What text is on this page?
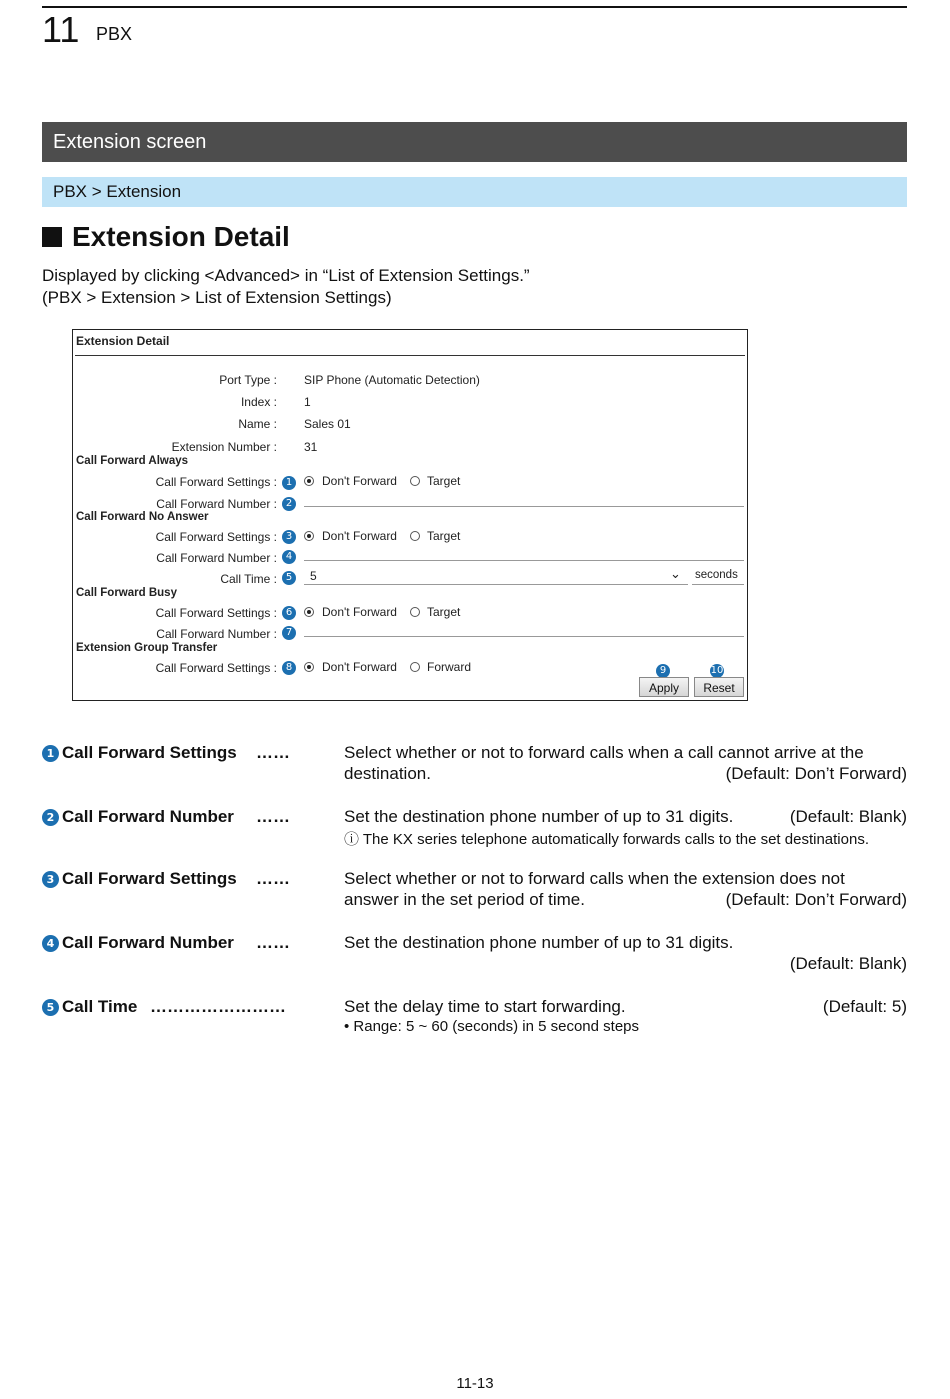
11 PBX
Extension screen
PBX > Extension
Extension Detail
Displayed by clicking <Advanced> in “List of Extension Settings.”
(PBX > Extension > List of Extension Settings)
Extension Detail
Port Type : SIP Phone (Automatic Detection)
Index : 1
Name : Sales 01
Extension Number : 31
Call Forward Always
Call Forward Settings : 1	Don't Forward	Target
Call Forward Number : 2
Call Forward No Answer
Call Forward Settings : 3	Don't Forward	Target
Call Forward Number : 4
Call Time : 5	5	⌄ seconds
Call Forward Busy
Call Forward Settings : 6	Don't Forward	Target
Call Forward Number : 7
Extension Group Transfer
Call Forward Settings : 8	Don't Forward	Forward	9	10
Apply	Reset
1 Call Forward Settings ……	Select whether or not to forward calls when a call cannot arrive at the
destination.	(Default: Don’t Forward)
2 Call Forward Number ……	Set the destination phone number of up to 31 digits.	(Default: Blank)
ⓘ The KX series telephone automatically forwards calls to the set destinations.
3 Call Forward Settings ……	Select whether or not to forward calls when the extension does not
answer in the set period of time.	(Default: Don’t Forward)
4 Call Forward Number ……	Set the destination phone number of up to 31 digits.
(Default: Blank)
5 Call Time ……………………	Set the delay time to start forwarding.	(Default: 5)
• Range: 5 ~ 60 (seconds) in 5 second steps
11-13
